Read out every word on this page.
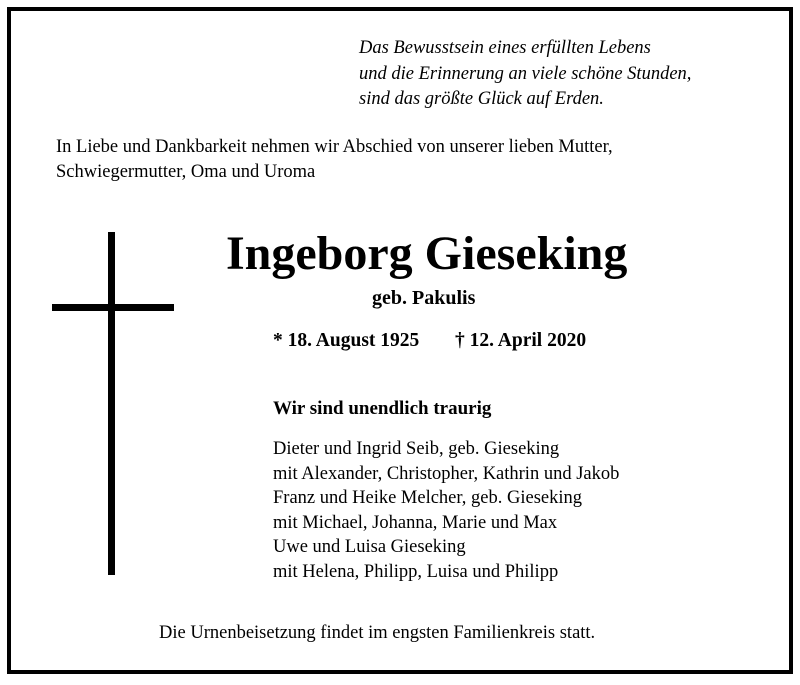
Das Bewusstsein eines erfüllten Lebens
und die Erinnerung an viele schöne Stunden,
sind das größte Glück auf Erden.

In Liebe und Dankbarkeit nehmen wir Abschied von unserer lieben Mutter,
Schwiegermutter, Oma und Uroma

Ingeborg Gieseking
geb. Pakulis
* 18. August 1925 † 12. April 2020
Wir sind unendlich traurig
Dieter und Ingrid Seib, geb. Gieseking
mit Alexander, Christopher, Kathrin und Jakob
Franz und Heike Melcher, geb. Gieseking
mit Michael, Johanna, Marie und Max
Uwe und Luisa Gieseking
mit Helena, Philipp, Luisa und Philipp
Die Urnenbeisetzung findet im engsten Familienkreis statt.
